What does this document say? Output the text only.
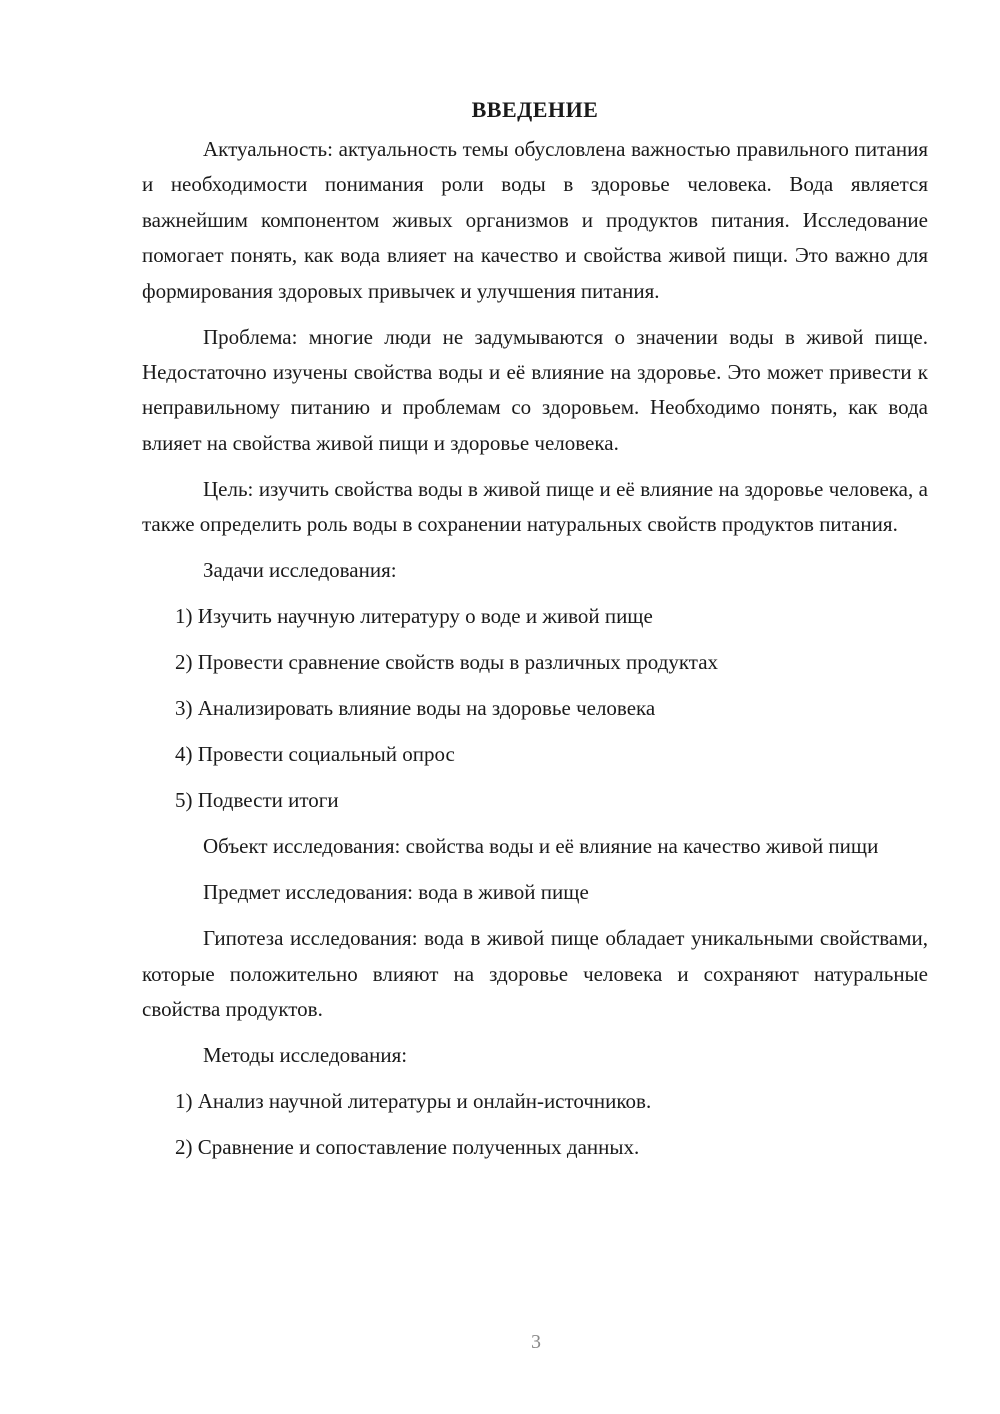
ВВЕДЕНИЕ

Актуальность: актуальность темы обусловлена важностью правильного питания и необходимости понимания роли воды в здоровье человека. Вода является важнейшим компонентом живых организмов и продуктов питания. Исследование помогает понять, как вода влияет на качество и свойства живой пищи. Это важно для формирования здоровых привычек и улучшения питания.

Проблема: многие люди не задумываются о значении воды в живой пище. Недостаточно изучены свойства воды и её влияние на здоровье. Это может привести к неправильному питанию и проблемам со здоровьем. Необходимо понять, как вода влияет на свойства живой пищи и здоровье человека.

Цель: изучить свойства воды в живой пище и её влияние на здоровье человека, а также определить роль воды в сохранении натуральных свойств продуктов питания.

Задачи исследования:

1) Изучить научную литературу о воде и живой пище

2) Провести сравнение свойств воды в различных продуктах

3) Анализировать влияние воды на здоровье человека

4) Провести социальный опрос

5) Подвести итоги

Объект исследования: свойства воды и её влияние на качество живой пищи

Предмет исследования: вода в живой пище

Гипотеза исследования: вода в живой пище обладает уникальными свойствами, которые положительно влияют на здоровье человека и сохраняют натуральные свойства продуктов.

Методы исследования:

1) Анализ научной литературы и онлайн-источников.

2) Сравнение и сопоставление полученных данных.

3
